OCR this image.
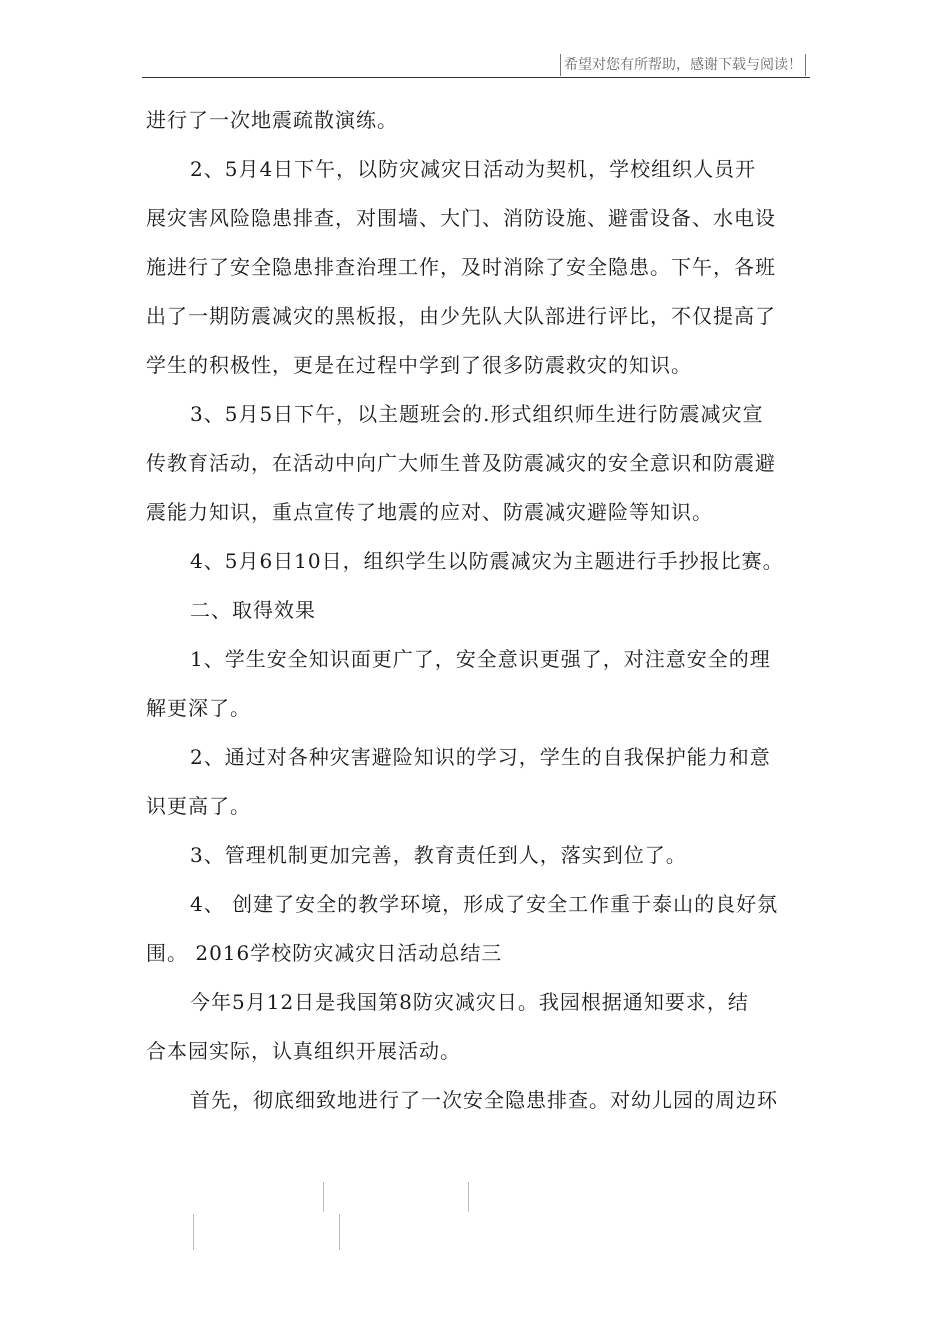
希望对您有所帮助，感谢下载与阅读！

进行了一次地震疏散演练。

2、5月4日下午，以防灾减灾日活动为契机，学校组织人员开

展灾害风险隐患排查，对围墙、大门、消防设施、避雷设备、水电设

施进行了安全隐患排查治理工作，及时消除了安全隐患。下午，各班

出了一期防震减灾的黑板报，由少先队大队部进行评比，不仅提高了

学生的积极性，更是在过程中学到了很多防震救灾的知识。

3、5月5日下午，以主题班会的.形式组织师生进行防震减灾宣

传教育活动，在活动中向广大师生普及防震减灾的安全意识和防震避

震能力知识，重点宣传了地震的应对、防震减灾避险等知识。

4、5月6日10日，组织学生以防震减灾为主题进行手抄报比赛。

二、取得效果

1、学生安全知识面更广了，安全意识更强了，对注意安全的理

解更深了。

2、通过对各种灾害避险知识的学习，学生的自我保护能力和意

识更高了。

3、管理机制更加完善，教育责任到人，落实到位了。

4、 创建了安全的教学环境，形成了安全工作重于泰山的良好氛

围。 2016学校防灾减灾日活动总结三

今年5月12日是我国第8防灾减灾日。我园根据通知要求，结

合本园实际，认真组织开展活动。

首先，彻底细致地进行了一次安全隐患排查。对幼儿园的周边环
